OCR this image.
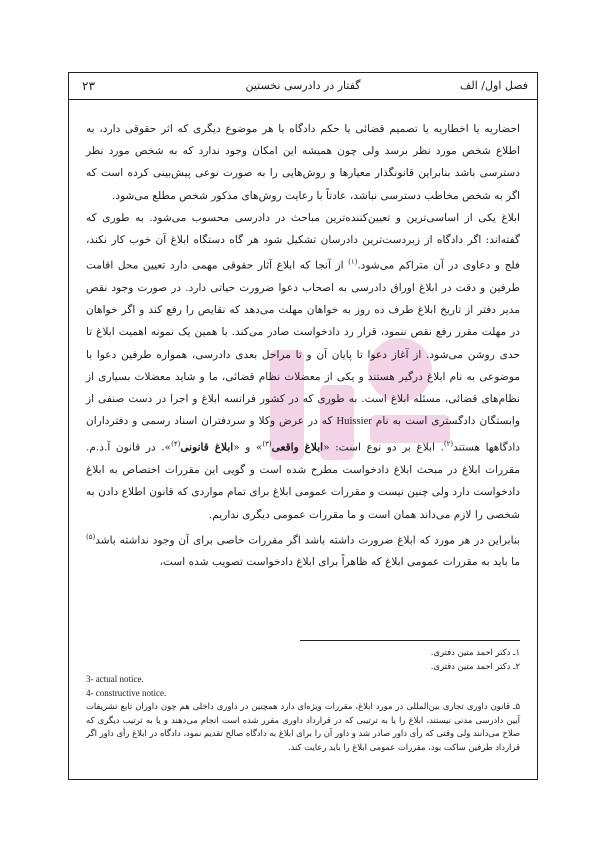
فصل اول/ الف
گفتار در دادرسی نخستین
۲۳

احضاریه یا اخطاریه یا تصمیم قضائی یا حکم دادگاه یا هر موضوع دیگری که اثر حقوقی دارد، به اطلاع شخص مورد نظر برسد ولی چون همیشه این امکان وجود ندارد که به شخص مورد نظر دسترسی باشد بنابراین قانونگذار معیارها و روش‌هایی را به صورت نوعی پیش‌بینی کرده است که اگر به شخص مخاطب دسترسی نباشد، عادتاً با رعایت روش‌های مذکور شخص مطلع می‌شود.

ابلاغ یکی از اساسی‌ترین و تعیین‌کننده‌ترین مباحث در دادرسی محسوب می‌شود. به طوری که گفته‌اند: اگر دادگاه از زبردست‌ترین دادرسان تشکیل شود هر گاه دستگاه ابلاغ آن خوب کار نکند، فلج و دعاوی در آن متراکم می‌شود.$^{(۱)}$ از آنجا که ابلاغ آثار حقوقی مهمی دارد تعیین محل اقامت طرفین و دقت در ابلاغ اوراق دادرسی به اصحاب دعوا ضرورت حیاتی دارد. در صورت وجود نقص مدیر دفتر از تاریخ ابلاغ طرف ده روز به خواهان مهلت می‌دهد که نقایص را رفع کند و اگر خواهان در مهلت مقرر رفع نقص ننمود، قرار رد دادخواست صادر می‌کند. با همین یک نمونه اهمیت ابلاغ تا حدی روشن می‌شود. از آغاز دعوا تا پایان آن و تا مراحل بعدی دادرسی، همواره طرفین دعوا با موضوعی به نام ابلاغ درگیر هستند و یکی از معضلات نظام قضائی، ما و شاید معضلات بسیاری از نظام‌های قضائی، مسئله ابلاغ است. به طوری که در کشور فرانسه ابلاغ و اجرا در دست صنفی از وابستگان دادگستری است به نام Huissier که در عرض وکلا و سردفتران اسناد رسمی و دفترداران دادگاهها هستند$^{(۲)}$. ابلاغ بر دو نوع است: «ابلاغ واقعی$^{(۳)}$» و «ابلاغ قانونی$^{(۴)}$». در قانون آ.د.م. مقررات ابلاغ در مبحث ابلاغ دادخواست مطرح شده است و گویی این مقررات اختصاص به ابلاغ دادخواست دارد ولی چنین نیست و مقررات عمومی ابلاغ برای تمام مواردی که قانون اطلاع دادن به شخصی را لازم می‌داند همان است و ما مقررات عمومی دیگری نداریم.

بنابراین در هر مورد که ابلاغ ضرورت داشته باشد اگر مقررات خاصی برای آن وجود نداشته باشد$^{(۵)}$ ما باید به مقررات عمومی ابلاغ که ظاهراً برای ابلاغ دادخواست تصویب شده است،

۱ـ دکتر احمد متین دفتری.

۲ـ دکتر احمد متین دفتری.

3- actual notice.

4- constructive notice.

۵ـ قانون داوری تجاری بین‌المللی در مورد ابلاغ، مقررات ویژه‌ای دارد همچنین در داوری داخلی هم چون داوران تابع تشریفات آیین دادرسی مدنی نیستند، ابلاغ را یا به ترتیبی که در قرارداد داوری مقرر شده است انجام می‌دهند و یا به ترتیب دیگری که صلاح می‌دانند ولی وقتی که رأی داور صادر شد و داور آن را برای ابلاغ به دادگاه صالح تقدیم نمود، دادگاه در ابلاغ رأی داور اگر قرارداد طرفین ساکت بود، مقررات عمومی ابلاغ را باید رعایت کند.
